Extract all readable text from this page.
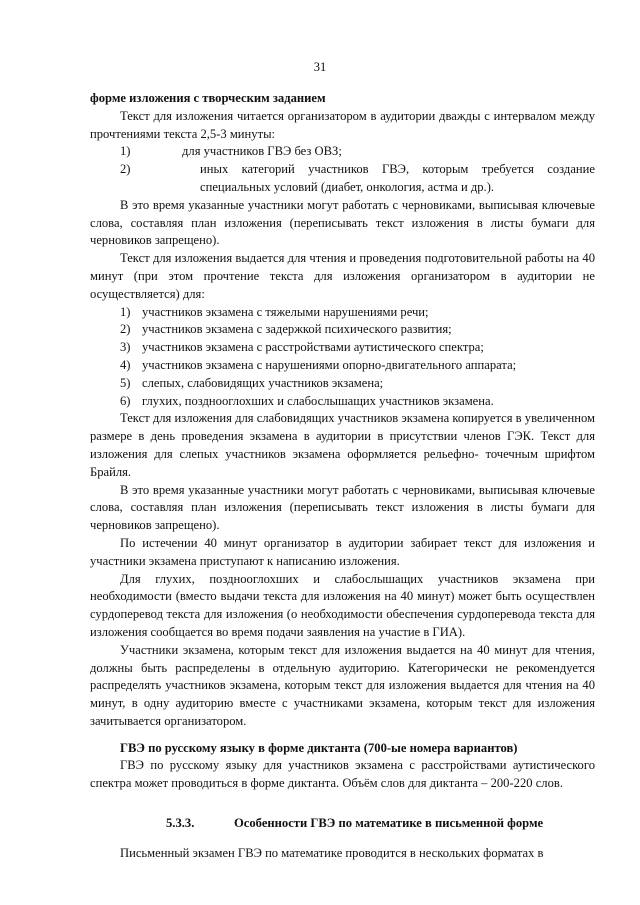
31

форме изложения с творческим заданием

Текст для изложения читается организатором в аудитории дважды с интервалом между прочтениями текста 2,5-3 минуты:

1)	для участников ГВЭ без ОВЗ;
2)	иных категорий участников ГВЭ, которым требуется создание специальных условий (диабет, онкология, астма и др.).

В это время указанные участники могут работать с черновиками, выписывая ключевые слова, составляя план изложения (переписывать текст изложения в листы бумаги для черновиков запрещено).

Текст для изложения выдается для чтения и проведения подготовительной работы на 40 минут (при этом прочтение текста для изложения организатором в аудитории не осуществляется) для:

1) участников экзамена с тяжелыми нарушениями речи;
2) участников экзамена с задержкой психического развития;
3) участников экзамена с расстройствами аутистического спектра;
4) участников экзамена с нарушениями опорно-двигательного аппарата;
5) слепых, слабовидящих участников экзамена;
6) глухих, позднооглохших и слабослышащих участников экзамена.

Текст для изложения для слабовидящих участников экзамена копируется в увеличенном размере в день проведения экзамена в аудитории в присутствии членов ГЭК. Текст для изложения для слепых участников экзамена оформляется рельефно- точечным шрифтом Брайля.

В это время указанные участники могут работать с черновиками, выписывая ключевые слова, составляя план изложения (переписывать текст изложения в листы бумаги для черновиков запрещено).

По истечении 40 минут организатор в аудитории забирает текст для изложения и участники экзамена приступают к написанию изложения.

Для глухих, позднооглохших и слабослышащих участников экзамена при необходимости (вместо выдачи текста для изложения на 40 минут) может быть осуществлен сурдоперевод текста для изложения (о необходимости обеспечения сурдоперевода текста для изложения сообщается во время подачи заявления на участие в ГИА).

Участники экзамена, которым текст для изложения выдается на 40 минут для чтения, должны быть распределены в отдельную аудиторию. Категорически не рекомендуется распределять участников экзамена, которым текст для изложения выдается для чтения на 40 минут, в одну аудиторию вместе с участниками экзамена, которым текст для изложения зачитывается организатором.

ГВЭ по русскому языку в форме диктанта (700-ые номера вариантов)

ГВЭ по русскому языку для участников экзамена с расстройствами аутистического спектра может проводиться в форме диктанта. Объём слов для диктанта – 200-220 слов.

5.3.3.	Особенности ГВЭ по математике в письменной форме

Письменный экзамен ГВЭ по математике проводится в нескольких форматах в
